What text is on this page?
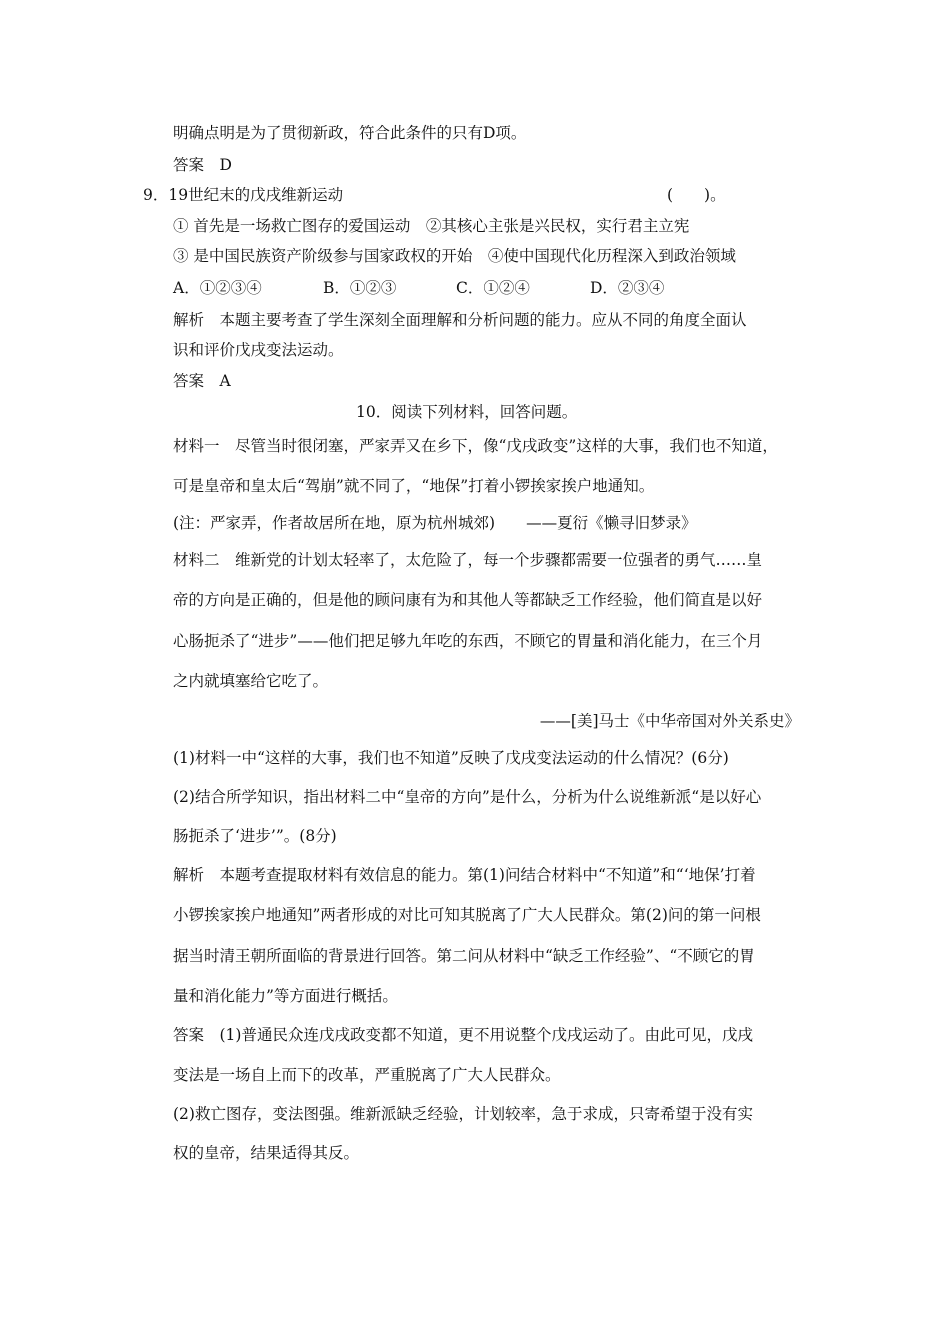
明确点明是为了贯彻新政，符合此条件的只有D项。
答案　D
9．19世纪末的戊戌维新运动	(　　)。
① 首先是一场救亡图存的爱国运动　②其核心主张是兴民权，实行君主立宪
③ 是中国民族资产阶级参与国家政权的开始　④使中国现代化历程深入到政治领域
A．①②③④	B．①②③	C．①②④	D．②③④
解析　本题主要考查了学生深刻全面理解和分析问题的能力。应从不同的角度全面认
识和评价戊戌变法运动。
答案　A
10．阅读下列材料，回答问题。
材料一　尽管当时很闭塞，严家弄又在乡下，像“戊戌政变”这样的大事，我们也不知道，
可是皇帝和皇太后“驾崩”就不同了，“地保”打着小锣挨家挨户地通知。
(注：严家弄，作者故居所在地，原为杭州城郊)　　——夏衍《懒寻旧梦录》
材料二　维新党的计划太轻率了，太危险了，每一个步骤都需要一位强者的勇气……皇
帝的方向是正确的，但是他的顾问康有为和其他人等都缺乏工作经验，他们简直是以好
心肠扼杀了“进步”——他们把足够九年吃的东西，不顾它的胃量和消化能力，在三个月
之内就填塞给它吃了。
——[美]马士《中华帝国对外关系史》
(1)材料一中“这样的大事，我们也不知道”反映了戊戌变法运动的什么情况？(6分)
(2)结合所学知识，指出材料二中“皇帝的方向”是什么，分析为什么说维新派“是以好心
肠扼杀了‘进步’”。(8分)
解析　本题考查提取材料有效信息的能力。第(1)问结合材料中“不知道”和“‘地保’打着
小锣挨家挨户地通知”两者形成的对比可知其脱离了广大人民群众。第(2)问的第一问根
据当时清王朝所面临的背景进行回答。第二问从材料中“缺乏工作经验”、“不顾它的胃
量和消化能力”等方面进行概括。
答案　(1)普通民众连戊戌政变都不知道，更不用说整个戊戌运动了。由此可见，戊戌
变法是一场自上而下的改革，严重脱离了广大人民群众。
(2)救亡图存，变法图强。维新派缺乏经验，计划较率，急于求成，只寄希望于没有实
权的皇帝，结果适得其反。
